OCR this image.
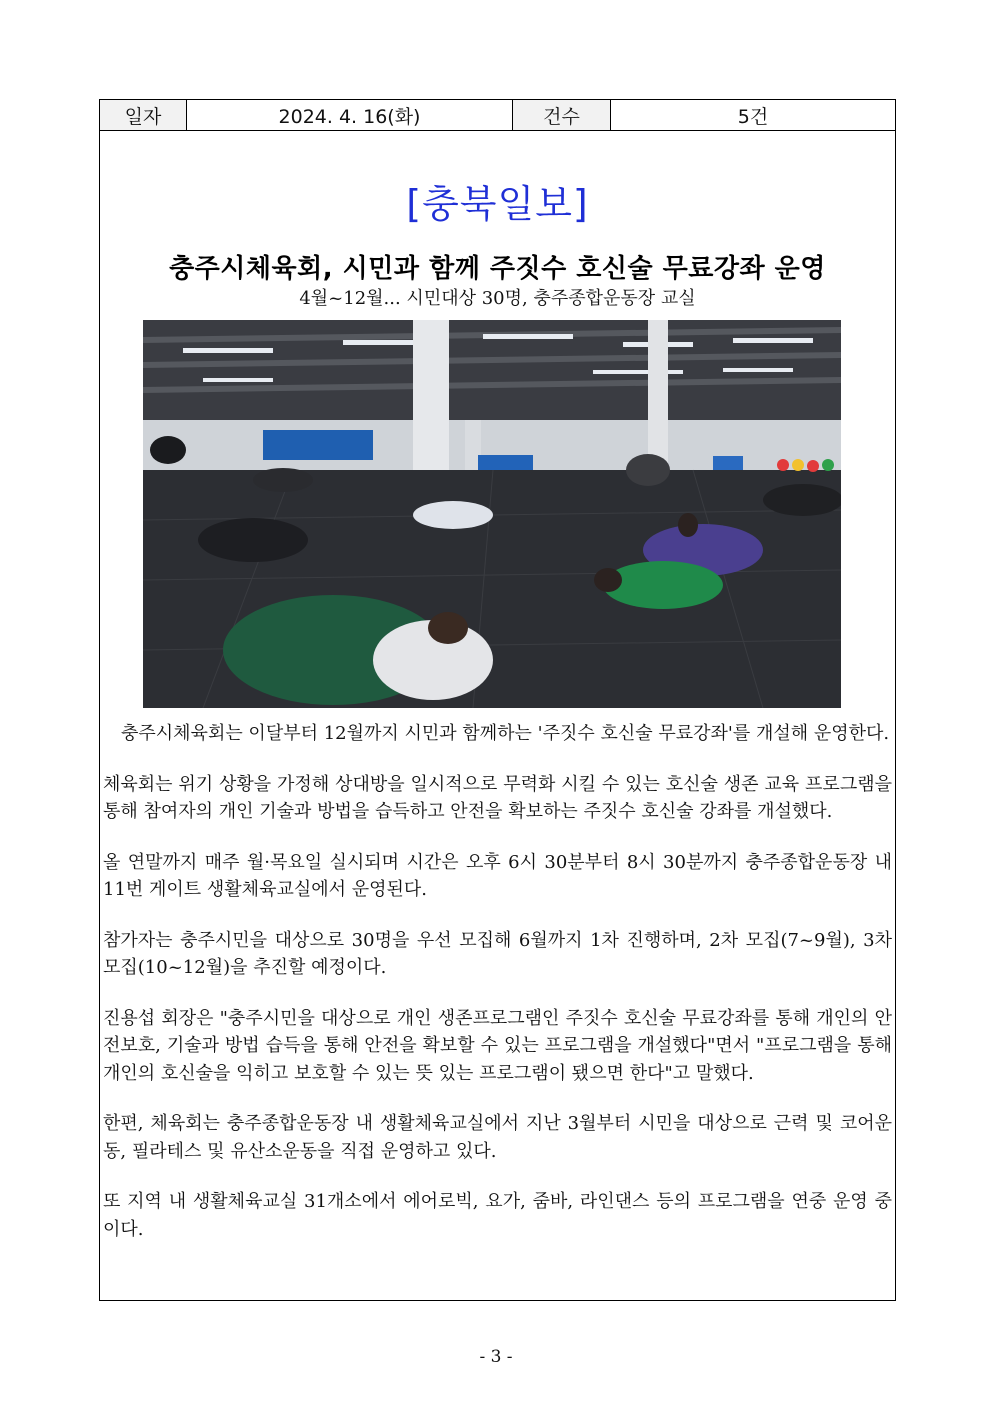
일자	2024. 4. 16(화)	건수	5건
[충북일보]
충주시체육회, 시민과 함께 주짓수 호신술 무료강좌 운영
4월~12월... 시민대상 30명, 충주종합운동장 교실

충주시체육회는 이달부터 12월까지 시민과 함께하는 '주짓수 호신술 무료강좌'를 개설해 운영한다.

체육회는 위기 상황을 가정해 상대방을 일시적으로 무력화 시킬 수 있는 호신술 생존 교육 프로그램을 통해 참여자의 개인 기술과 방법을 습득하고 안전을 확보하는 주짓수 호신술 강좌를 개설했다.

올 연말까지 매주 월·목요일 실시되며 시간은 오후 6시 30분부터 8시 30분까지 충주종합운동장 내 11번 게이트 생활체육교실에서 운영된다.

참가자는 충주시민을 대상으로 30명을 우선 모집해 6월까지 1차 진행하며, 2차 모집(7~9월), 3차 모집(10~12월)을 추진할 예정이다.

진용섭 회장은 "충주시민을 대상으로 개인 생존프로그램인 주짓수 호신술 무료강좌를 통해 개인의 안전보호, 기술과 방법 습득을 통해 안전을 확보할 수 있는 프로그램을 개설했다"면서 "프로그램을 통해 개인의 호신술을 익히고 보호할 수 있는 뜻 있는 프로그램이 됐으면 한다"고 말했다.

한편, 체육회는 충주종합운동장 내 생활체육교실에서 지난 3월부터 시민을 대상으로 근력 및 코어운동, 필라테스 및 유산소운동을 직접 운영하고 있다.

또 지역 내 생활체육교실 31개소에서 에어로빅, 요가, 줌바, 라인댄스 등의 프로그램을 연중 운영 중이다.

- 3 -
